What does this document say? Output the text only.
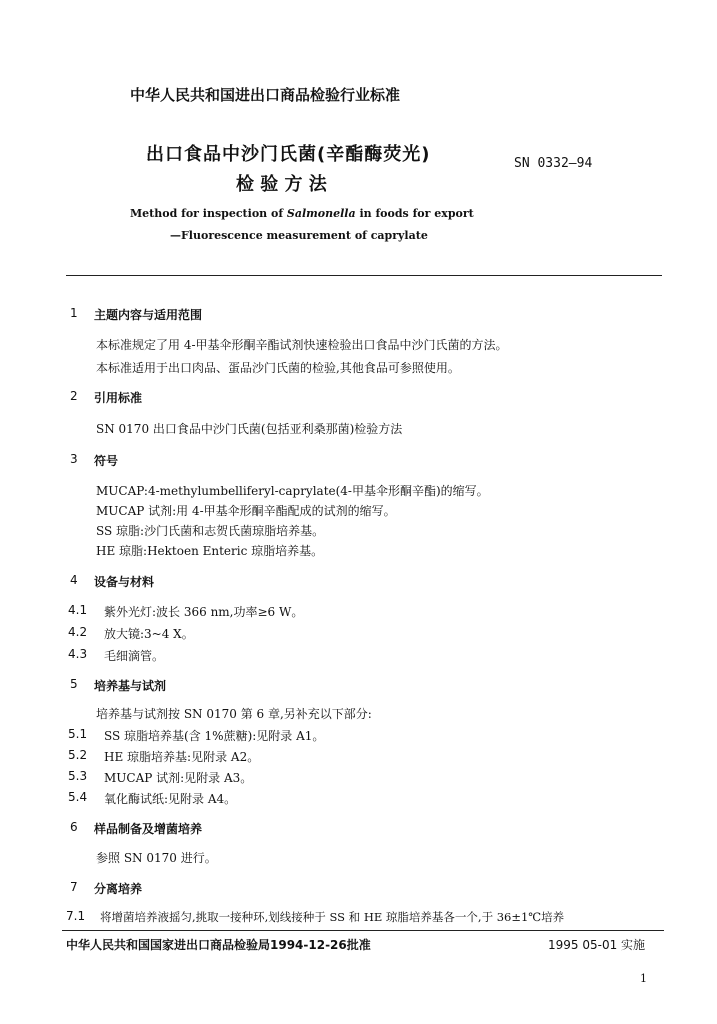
中华人民共和国进出口商品检验行业标准
出口食品中沙门氏菌(辛酯酶荧光)
检 验 方 法
SN 0332—94
Method for inspection of Salmonella in foods for export
—Fluorescence measurement of caprylate
1 主题内容与适用范围
本标准规定了用 4-甲基伞形酮辛酯试剂快速检验出口食品中沙门氏菌的方法。
本标准适用于出口肉品、蛋品沙门氏菌的检验,其他食品可参照使用。
2 引用标准
SN 0170 出口食品中沙门氏菌(包括亚利桑那菌)检验方法
3 符号
MUCAP:4-methylumbelliferyl-caprylate(4-甲基伞形酮辛酯)的缩写。
MUCAP 试剂:用 4-甲基伞形酮辛酯配成的试剂的缩写。
SS 琼脂:沙门氏菌和志贺氏菌琼脂培养基。
HE 琼脂:Hektoen Enteric 琼脂培养基。
4 设备与材料
4.1 紫外光灯:波长 366 nm,功率≥6 W。
4.2 放大镜:3~4 X。
4.3 毛细滴管。
5 培养基与试剂
培养基与试剂按 SN 0170 第 6 章,另补充以下部分:
5.1 SS 琼脂培养基(含 1%蔗糖):见附录 A1。
5.2 HE 琼脂培养基:见附录 A2。
5.3 MUCAP 试剂:见附录 A3。
5.4 氧化酶试纸:见附录 A4。
6 样品制备及增菌培养
参照 SN 0170 进行。
7 分离培养
7.1 将增菌培养液摇匀,挑取一接种环,划线接种于 SS 和 HE 琼脂培养基各一个,于 36±1℃培养
中华人民共和国国家进出口商品检验局1994-12-26批准	1995 05-01 实施
1
